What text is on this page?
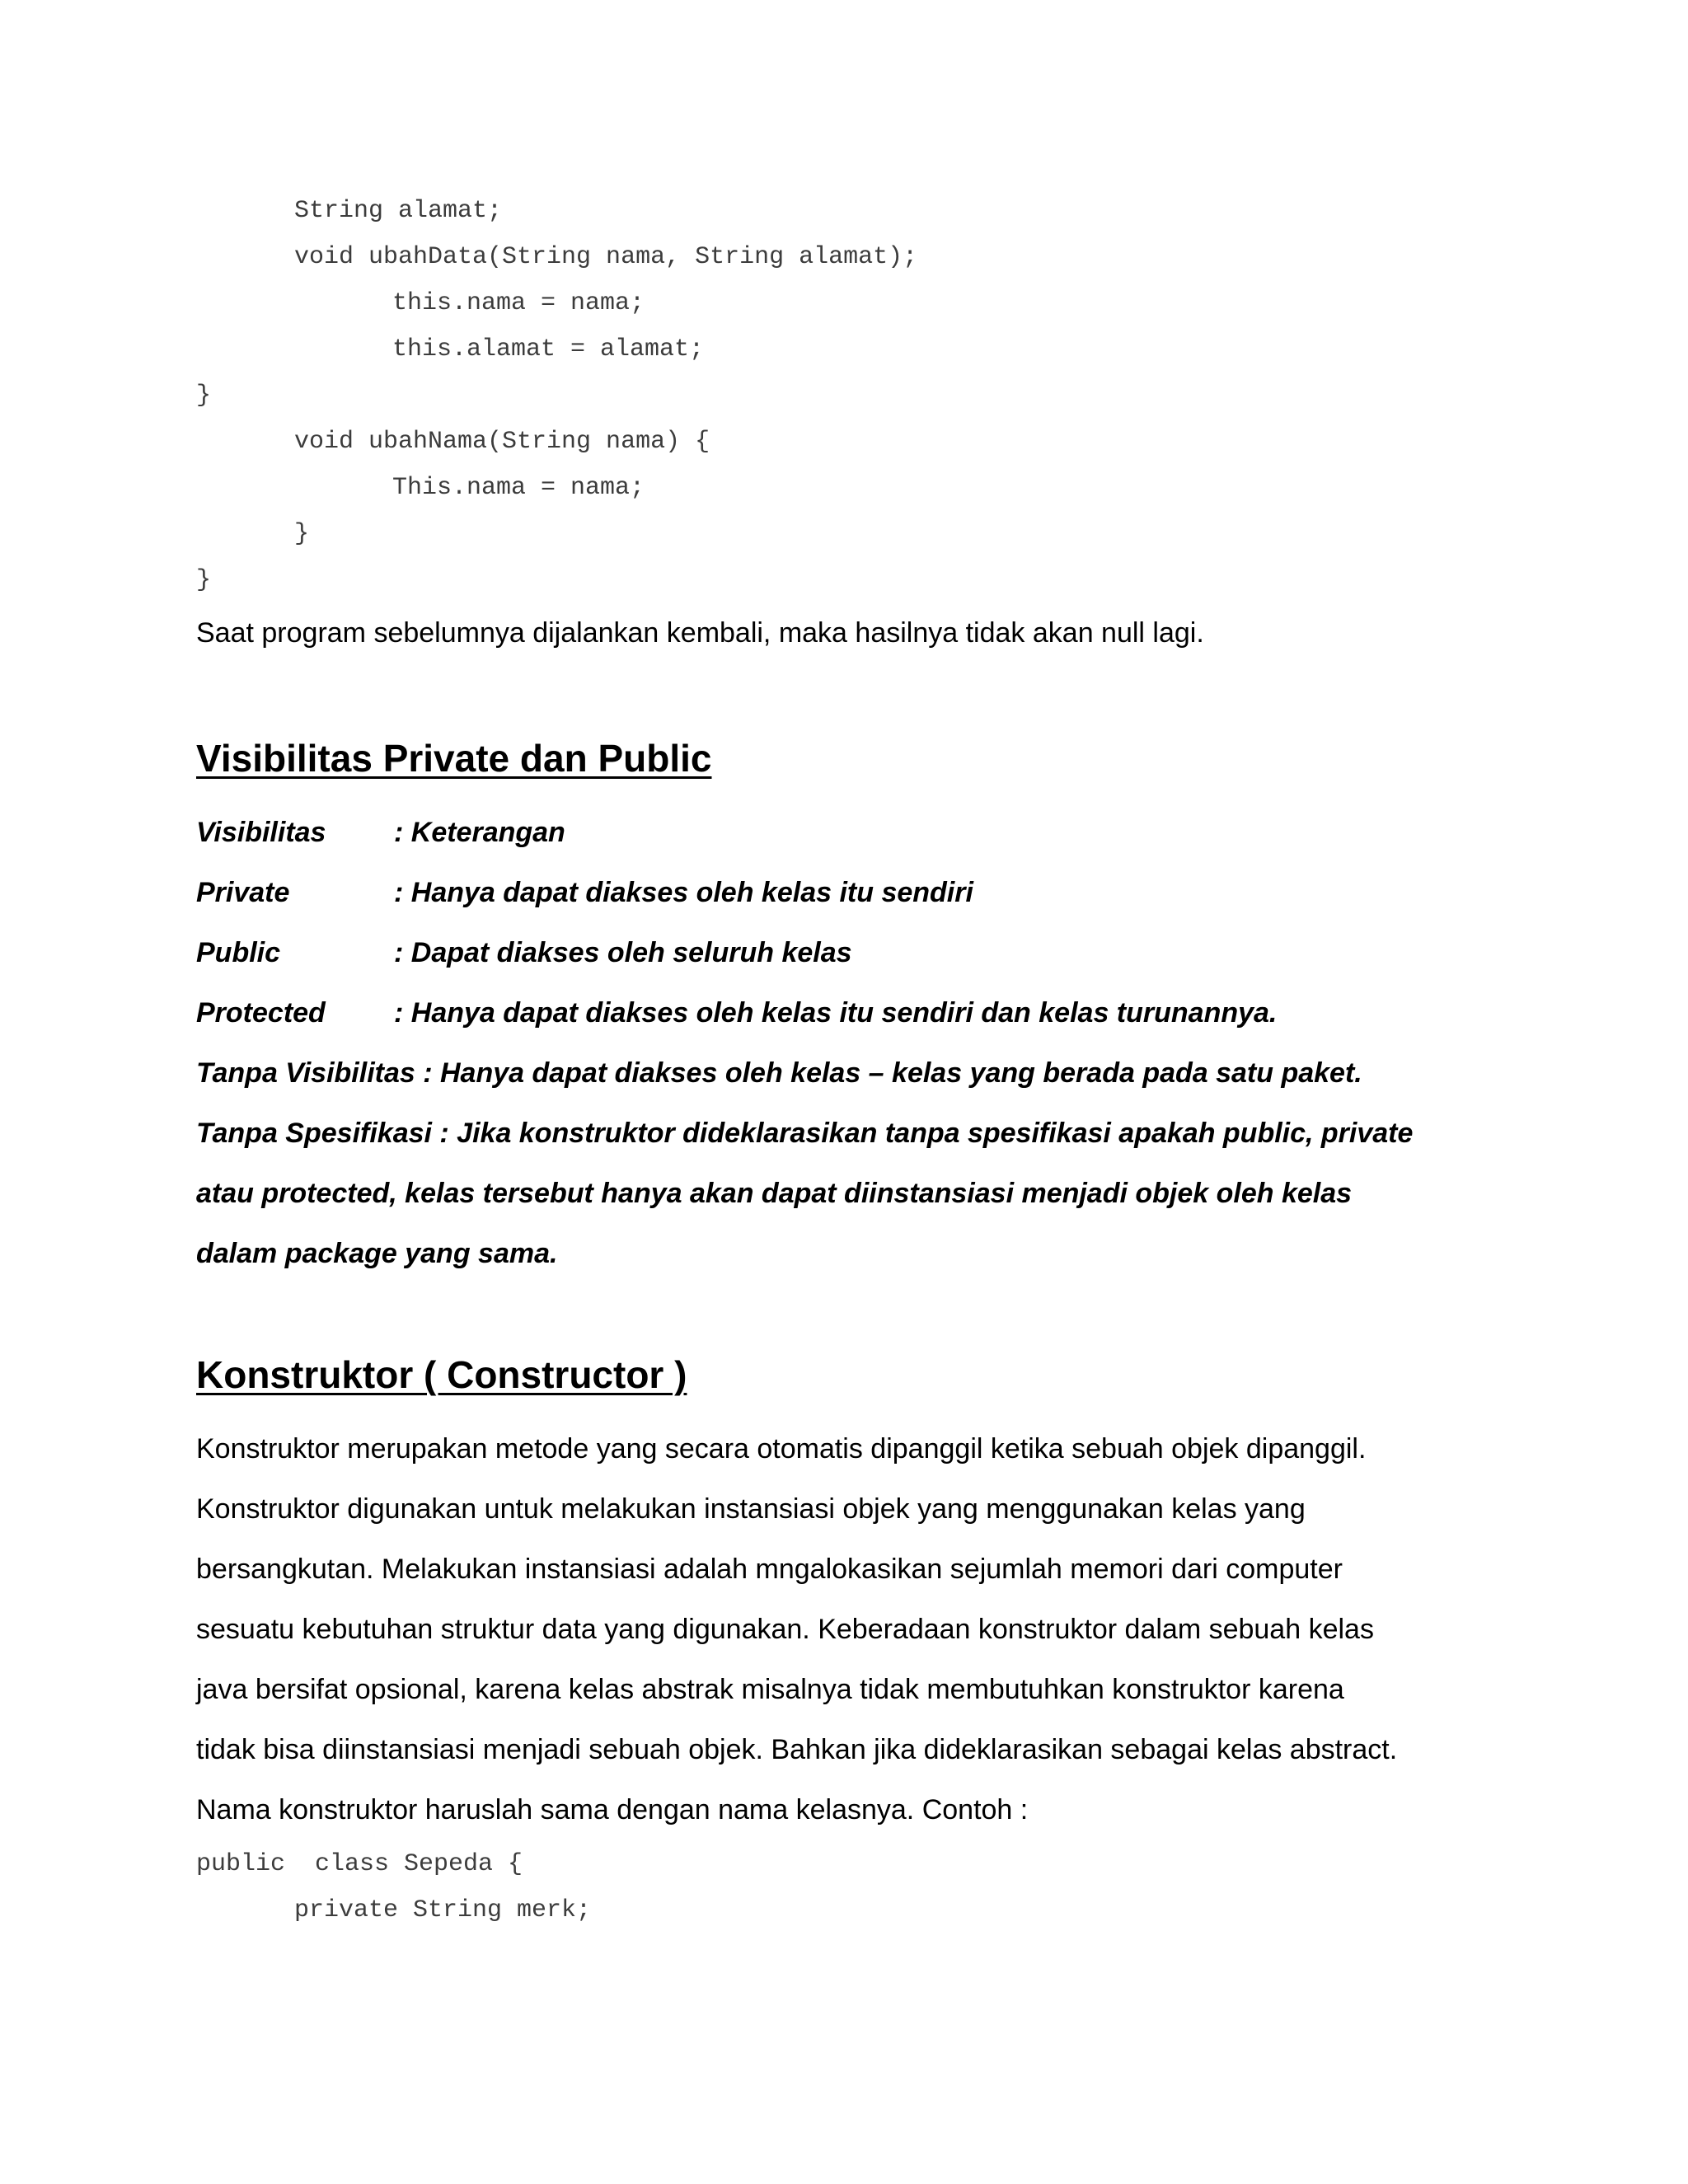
String alamat;

void ubahData(String nama, String alamat);

this.nama = nama;

this.alamat = alamat;

}

void ubahNama(String nama) {

This.nama = nama;

}

}

Saat program sebelumnya dijalankan kembali, maka hasilnya tidak akan null lagi.

Visibilitas Private dan Public

Visibilitas : Keterangan

Private	: Hanya dapat diakses oleh kelas itu sendiri

Public	: Dapat diakses oleh seluruh kelas

Protected : Hanya dapat diakses oleh kelas itu sendiri dan kelas turunannya.

Tanpa Visibilitas : Hanya dapat diakses oleh kelas – kelas yang berada pada satu paket.

Tanpa Spesifikasi : Jika konstruktor dideklarasikan tanpa spesifikasi apakah public, private

atau protected, kelas tersebut hanya akan dapat diinstansiasi menjadi objek oleh kelas

dalam package yang sama.

Konstruktor ( Constructor )

Konstruktor merupakan metode yang secara otomatis dipanggil ketika sebuah objek dipanggil.

Konstruktor digunakan untuk melakukan instansiasi objek yang menggunakan kelas yang

bersangkutan. Melakukan instansiasi adalah mngalokasikan sejumlah memori dari computer

sesuatu kebutuhan struktur data yang digunakan. Keberadaan konstruktor dalam sebuah kelas

java bersifat opsional, karena kelas abstrak misalnya tidak membutuhkan konstruktor karena

tidak bisa diinstansiasi menjadi sebuah objek. Bahkan jika dideklarasikan sebagai kelas abstract.

Nama konstruktor haruslah sama dengan nama kelasnya. Contoh :

public  class Sepeda {

private String merk;
